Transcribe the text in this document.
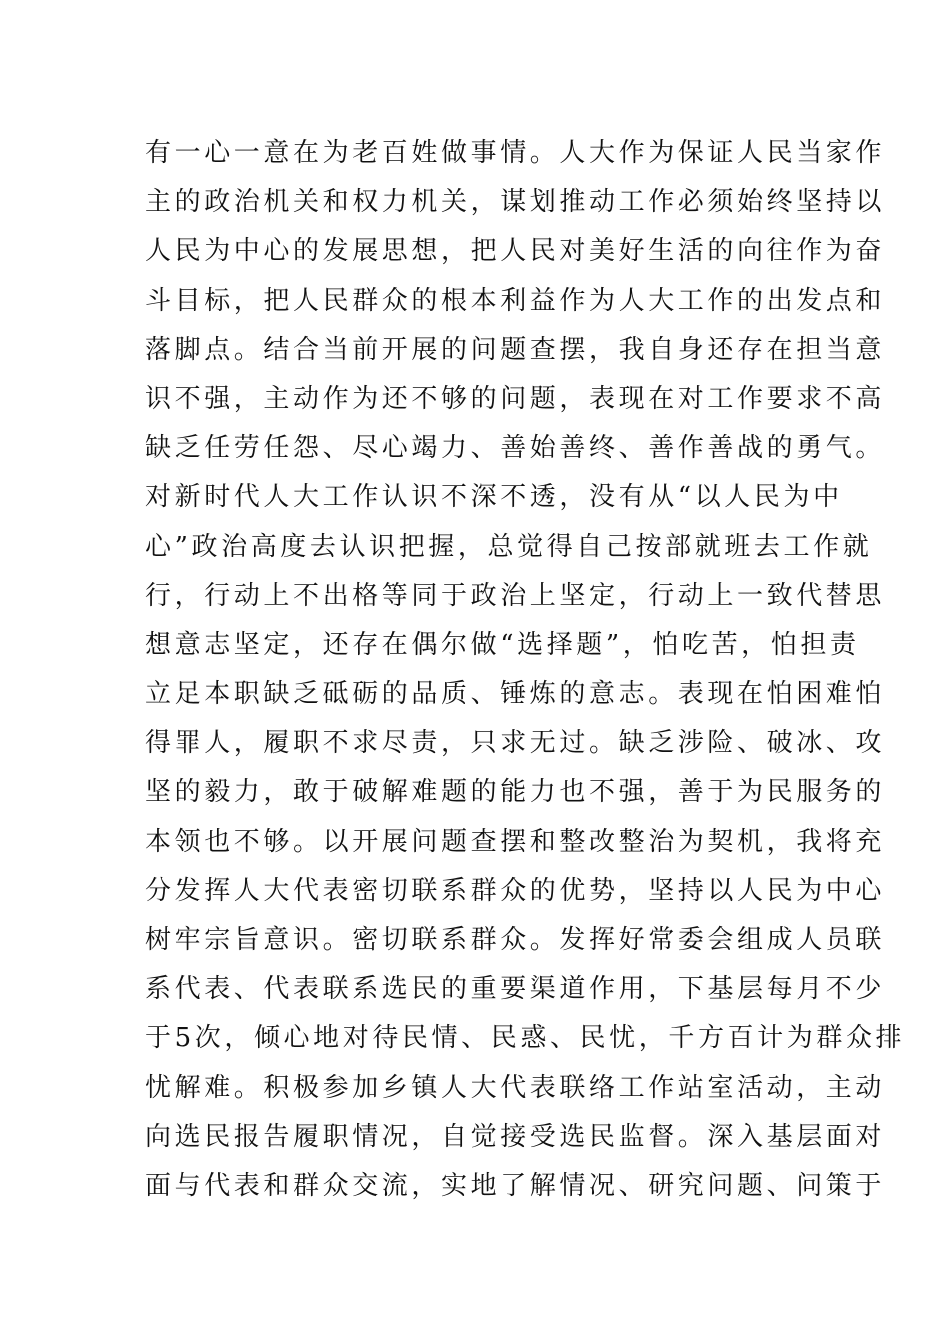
有一心一意在为老百姓做事情。人大作为保证人民当家作
主的政治机关和权力机关，谋划推动工作必须始终坚持以
人民为中心的发展思想，把人民对美好生活的向往作为奋
斗目标，把人民群众的根本利益作为人大工作的出发点和
落脚点。结合当前开展的问题查摆，我自身还存在担当意
识不强，主动作为还不够的问题，表现在对工作要求不高
缺乏任劳任怨、尽心竭力、善始善终、善作善战的勇气。
对新时代人大工作认识不深不透，没有从“以人民为中
心”政治高度去认识把握，总觉得自己按部就班去工作就
行，行动上不出格等同于政治上坚定，行动上一致代替思
想意志坚定，还存在偶尔做“选择题”，怕吃苦，怕担责
立足本职缺乏砥砺的品质、锤炼的意志。表现在怕困难怕
得罪人，履职不求尽责，只求无过。缺乏涉险、破冰、攻
坚的毅力，敢于破解难题的能力也不强，善于为民服务的
本领也不够。以开展问题查摆和整改整治为契机，我将充
分发挥人大代表密切联系群众的优势，坚持以人民为中心
树牢宗旨意识。密切联系群众。发挥好常委会组成人员联
系代表、代表联系选民的重要渠道作用，下基层每月不少
于5次，倾心地对待民情、民惑、民忧，千方百计为群众排
忧解难。积极参加乡镇人大代表联络工作站室活动，主动
向选民报告履职情况，自觉接受选民监督。深入基层面对
面与代表和群众交流，实地了解情况、研究问题、问策于
